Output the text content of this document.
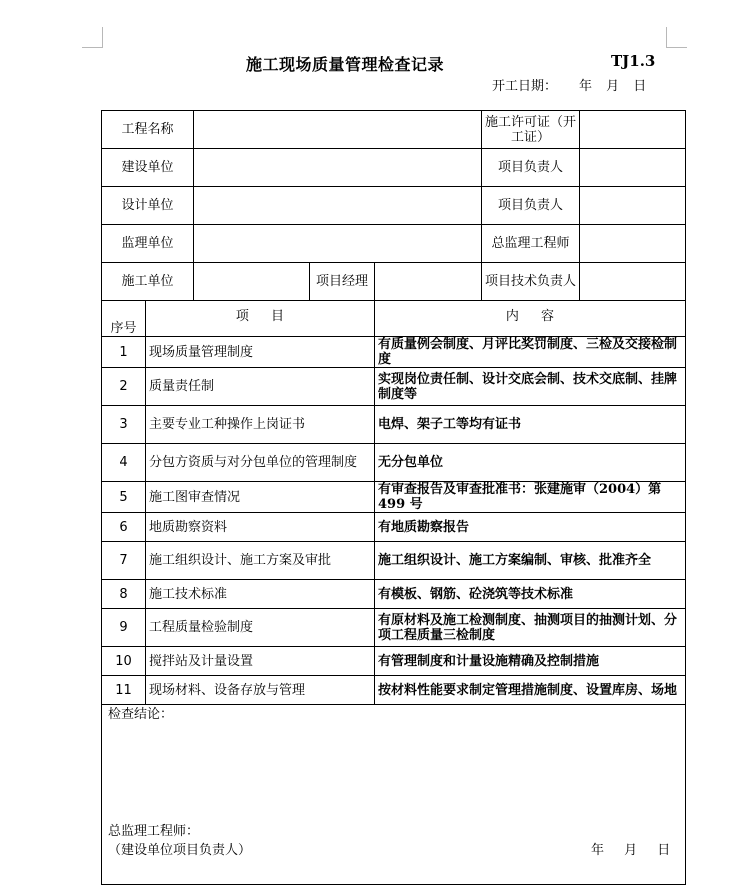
施工现场质量管理检查记录	TJ1.3
开工日期： 年 月 日
工程名称					施工许可证（开工证）	
建设单位					项目负责人	
设计单位					项目负责人	
监理单位					总监理工程师	
施工单位			项目经理		项目技术负责人	
序号	项 目			内 容		
1	现场质量管理制度			有质量例会制度、月评比奖罚制度、三检及交接检制度		
2	质量责任制			实现岗位责任制、设计交底会制、技术交底制、挂牌制度等		
3	主要专业工种操作上岗证书			电焊、架子工等均有证书		
4	分包方资质与对分包单位的管理制度			无分包单位		
5	施工图审查情况			有审查报告及审查批准书：张建施审（2004）第 499 号		
6	地质勘察资料			有地质勘察报告		
7	施工组织设计、施工方案及审批			施工组织设计、施工方案编制、审核、批准齐全		
8	施工技术标准			有模板、钢筋、砼浇筑等技术标准		
9	工程质量检验制度			有原材料及施工检测制度、抽测项目的抽测计划、分项工程质量三检制度		
10	搅拌站及计量设置			有管理制度和计量设施精确及控制措施		
11	现场材料、设备存放与管理			按材料性能要求制定管理措施制度、设置库房、场地		

检查结论：
总监理工程师：
（建设单位项目负责人） 年 月 日						
